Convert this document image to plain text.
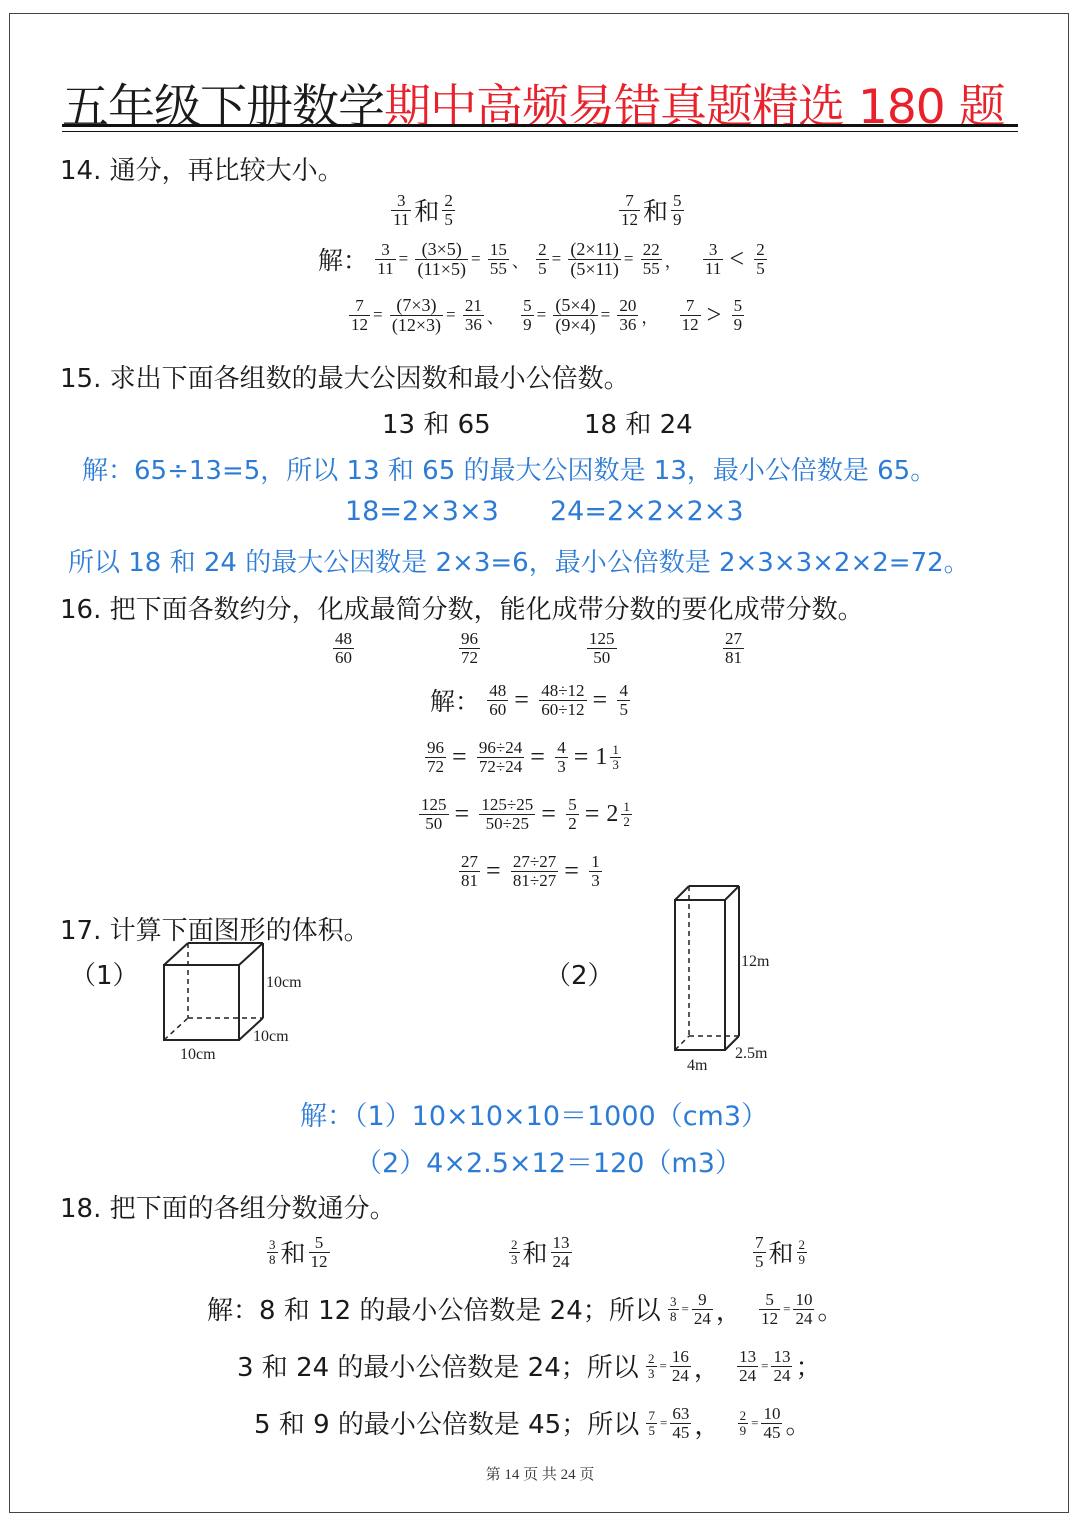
五年级下册数学期中高频易错真题精选 180 题
14. 通分，再比较大小。
$\frac{3}{11}$ 和 $\frac{2}{5}$	$\frac{7}{12}$ 和 $\frac{5}{9}$
解： $\frac{3}{11} = \frac{(3\times 5)}{(11\times 5)} = \frac{15}{55}$ 、 $\frac{2}{5} = \frac{(2\times 11)}{(5\times 11)} = \frac{22}{55}$ ， $\frac{3}{11} < \frac{2}{5}$
$\frac{7}{12} = \frac{(7\times 3)}{(12\times 3)} = \frac{21}{36}$ 、 $\frac{5}{9} = \frac{(5\times 4)}{(9\times 4)} = \frac{20}{36}$ ， $\frac{7}{12} > \frac{5}{9}$
15. 求出下面各组数的最大公因数和最小公倍数。
13 和 65	18 和 24
解：65÷13=5，所以 13 和 65 的最大公因数是 13，最小公倍数是 65。
18=2×3×3 24=2×2×2×3
所以 18 和 24 的最大公因数是 2×3=6，最小公倍数是 2×3×3×2×2=72。
16. 把下面各数约分，化成最简分数，能化成带分数的要化成带分数。
$\frac{48}{60}$	$\frac{96}{72}$	$\frac{125}{50}$	$\frac{27}{81}$
解： $\frac{48}{60} = \frac{48\div 12}{60\div 12} = \frac{4}{5}$
$\frac{96}{72} = \frac{96\div 24}{72\div 24} = \frac{4}{3} = 1 \frac{1}{3}$
$\frac{125}{50} = \frac{125\div 25}{50\div 25} = \frac{5}{2} = 2 \frac{1}{2}$
$\frac{27}{81} = \frac{27\div 27}{81\div 27} = \frac{1}{3}$
17. 计算下面图形的体积。
（1）	（2）
10cm
10cm
10cm
12m
2.5m
4m
解：（1）10×10×10＝1000（cm3）
（2）4×2.5×12＝120（m3）
18. 把下面的各组分数通分。
$\frac{3}{8}$ 和 $\frac{5}{12}$	$\frac{2}{3}$ 和 $\frac{13}{24}$	$\frac{7}{5}$ 和 $\frac{2}{9}$
解：8 和 12 的最小公倍数是 24；所以 $\frac{3}{8} = \frac{9}{24}$ ， $\frac{5}{12} = \frac{10}{24}$ 。
3 和 24 的最小公倍数是 24；所以 $\frac{2}{3} = \frac{16}{24}$ ， $\frac{13}{24} = \frac{13}{24}$ ；
5 和 9 的最小公倍数是 45；所以 $\frac{7}{5} = \frac{63}{45}$ ， $\frac{2}{9} = \frac{10}{45}$ 。
第 14 页 共 24 页
